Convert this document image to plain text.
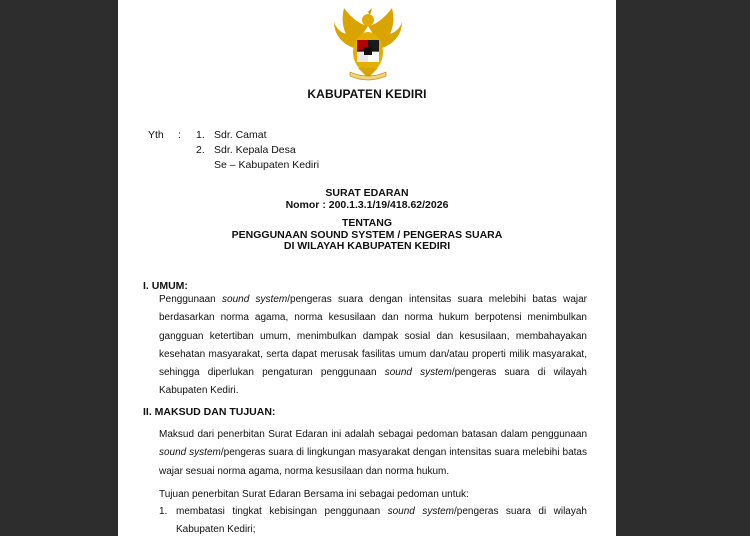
KABUPATEN KEDIRI
Yth : 1. Sdr. Camat
2. Sdr. Kepala Desa
Se – Kabupaten Kediri
SURAT EDARAN
Nomor : 200.1.3.1/19/418.62/2026
TENTANG
PENGGUNAAN SOUND SYSTEM / PENGERAS SUARA
DI WILAYAH KABUPATEN KEDIRI
I. UMUM:
Penggunaan sound system/pengeras suara dengan intensitas suara melebihi batas wajar berdasarkan norma agama, norma kesusilaan dan norma hukum berpotensi menimbulkan gangguan ketertiban umum, menimbulkan dampak sosial dan kesusilaan, membahayakan kesehatan masyarakat, serta dapat merusak fasilitas umum dan/atau properti milik masyarakat, sehingga diperlukan pengaturan penggunaan sound system/pengeras suara di wilayah Kabupaten Kediri.
II. MAKSUD DAN TUJUAN:
Maksud dari penerbitan Surat Edaran ini adalah sebagai pedoman batasan dalam penggunaan sound system/pengeras suara di lingkungan masyarakat dengan intensitas suara melebihi batas wajar sesuai norma agama, norma kesusilaan dan norma hukum.
Tujuan penerbitan Surat Edaran Bersama ini sebagai pedoman untuk:
1. membatasi tingkat kebisingan penggunaan sound system/pengeras suara di wilayah Kabupaten Kediri;
